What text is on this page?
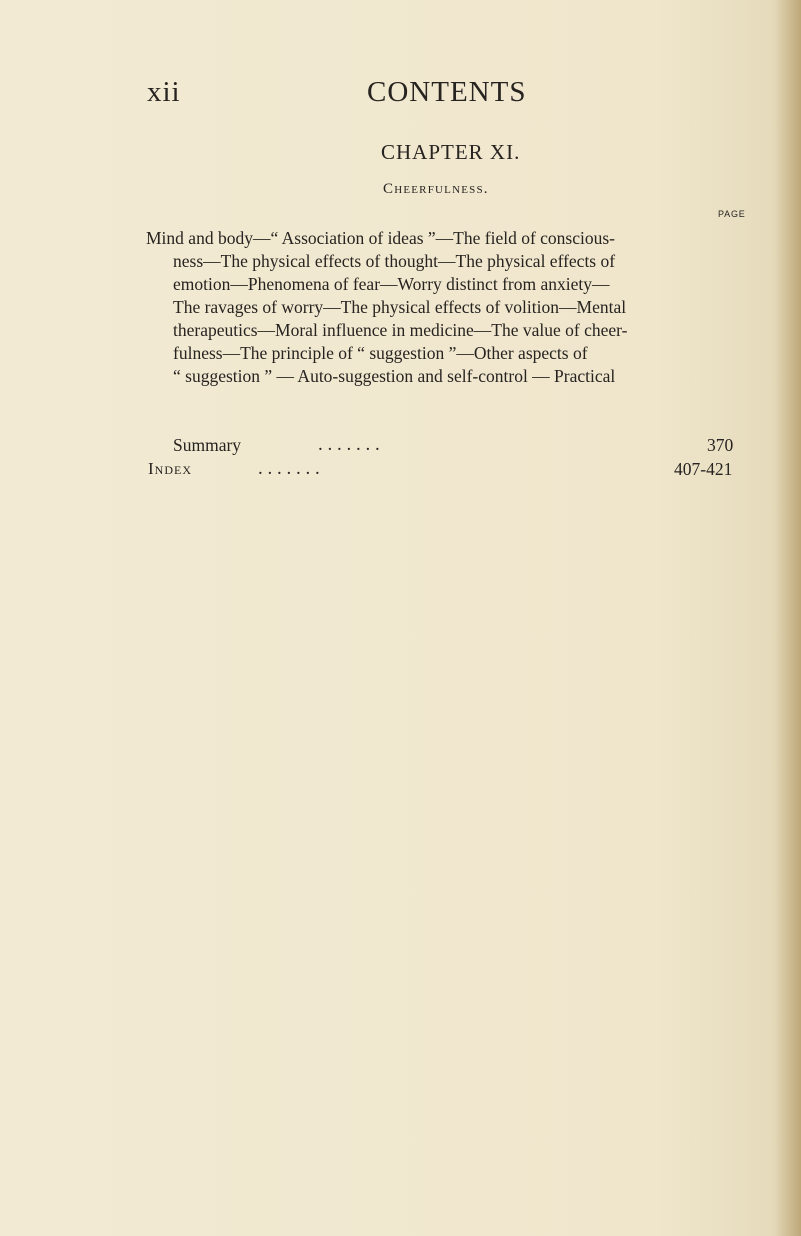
xii	CONTENTS
CHAPTER XI.
Cheerfulness.
PAGE
Mind and body—“ Association of ideas ”—The field of conscious-
ness—The physical effects of thought—The physical effects of
emotion—Phenomena of fear—Worry distinct from anxiety—
The ravages of worry—The physical effects of volition—Mental
therapeutics—Moral influence in medicine—The value of cheer-
fulness—The principle of “ suggestion ”—Other aspects of
“ suggestion ” — Auto-suggestion and self-control — Practical
Summary	. . . . . . .	370
Index	. . . . . . .	407-421
